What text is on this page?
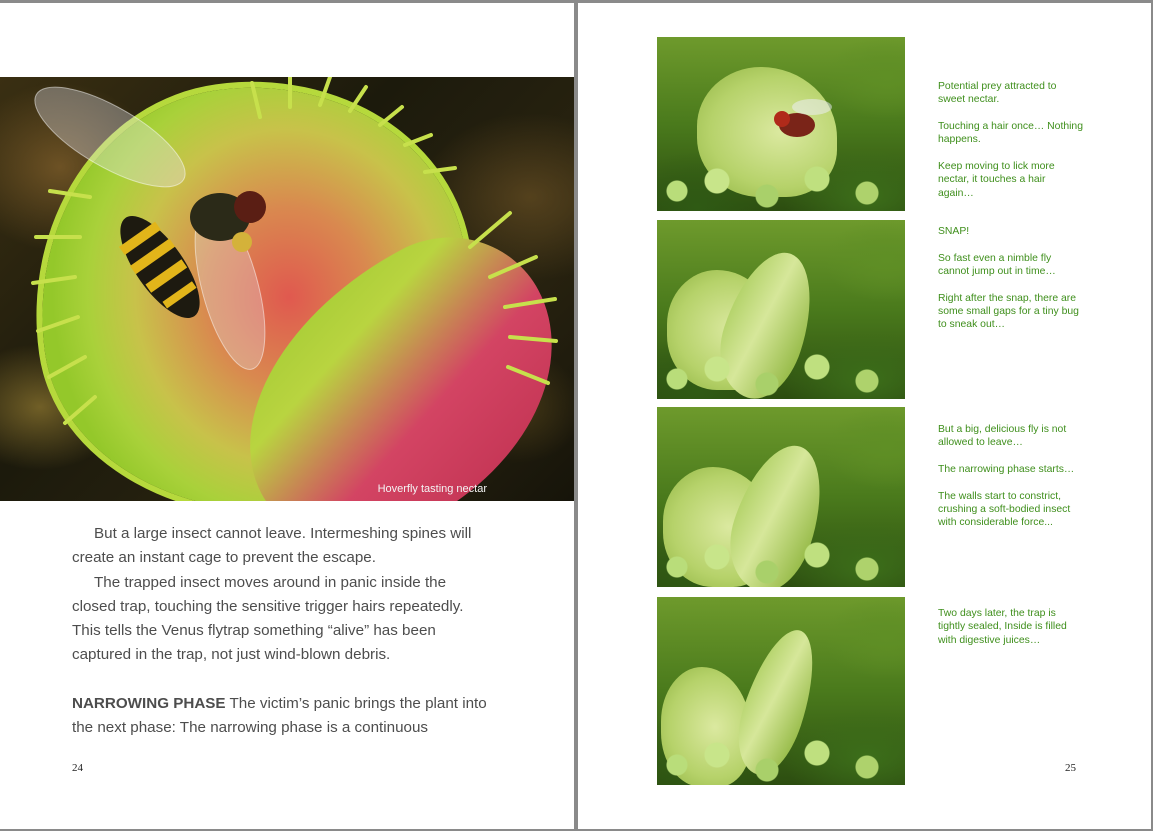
Hoverfly tasting nectar

But a large insect cannot leave. Intermeshing spines will create an instant cage to prevent the escape.

The trapped insect moves around in panic inside the closed trap, touching the sensitive trigger hairs repeatedly. This tells the Venus flytrap something “alive” has been captured in the trap, not just wind-blown debris.

NARROWING PHASE The victim’s panic brings the plant into the next phase: The narrowing phase is a continuous

24

Potential prey attracted to sweet nectar.

Touching a hair once… Nothing happens.

Keep moving to lick more nectar, it touches a hair again…

SNAP!

So fast even a nimble fly cannot jump out in time…

Right after the snap, there are some small gaps for a tiny bug to sneak out…

But a big, delicious fly is not allowed to leave…

The narrowing phase starts…

The walls start to constrict, crushing a soft-bodied insect with considerable force...

Two days later, the trap is tightly sealed, Inside is filled with digestive juices…

25
